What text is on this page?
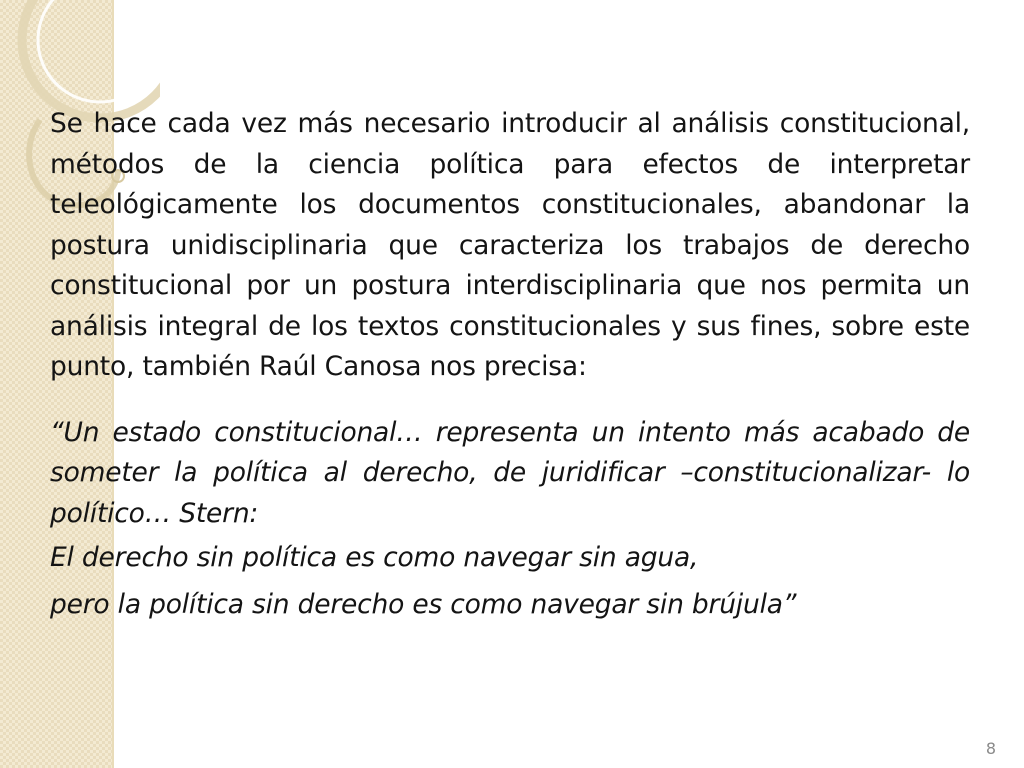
Se hace cada vez más necesario introducir al análisis constitucional, métodos de la ciencia política para efectos de interpretar teleológicamente los documentos constitucionales, abandonar la postura unidisciplinaria que caracteriza los trabajos de derecho constitucional por un postura interdisciplinaria que nos permita un análisis integral de los textos constitucionales y sus fines, sobre este punto, también Raúl Canosa nos precisa:

“Un estado constitucional… representa un intento más acabado de someter la política al derecho, de juridificar –constitucionalizar- lo político… Stern:

El derecho sin política es como navegar sin agua,

pero la política sin derecho es como navegar sin brújula”

8
